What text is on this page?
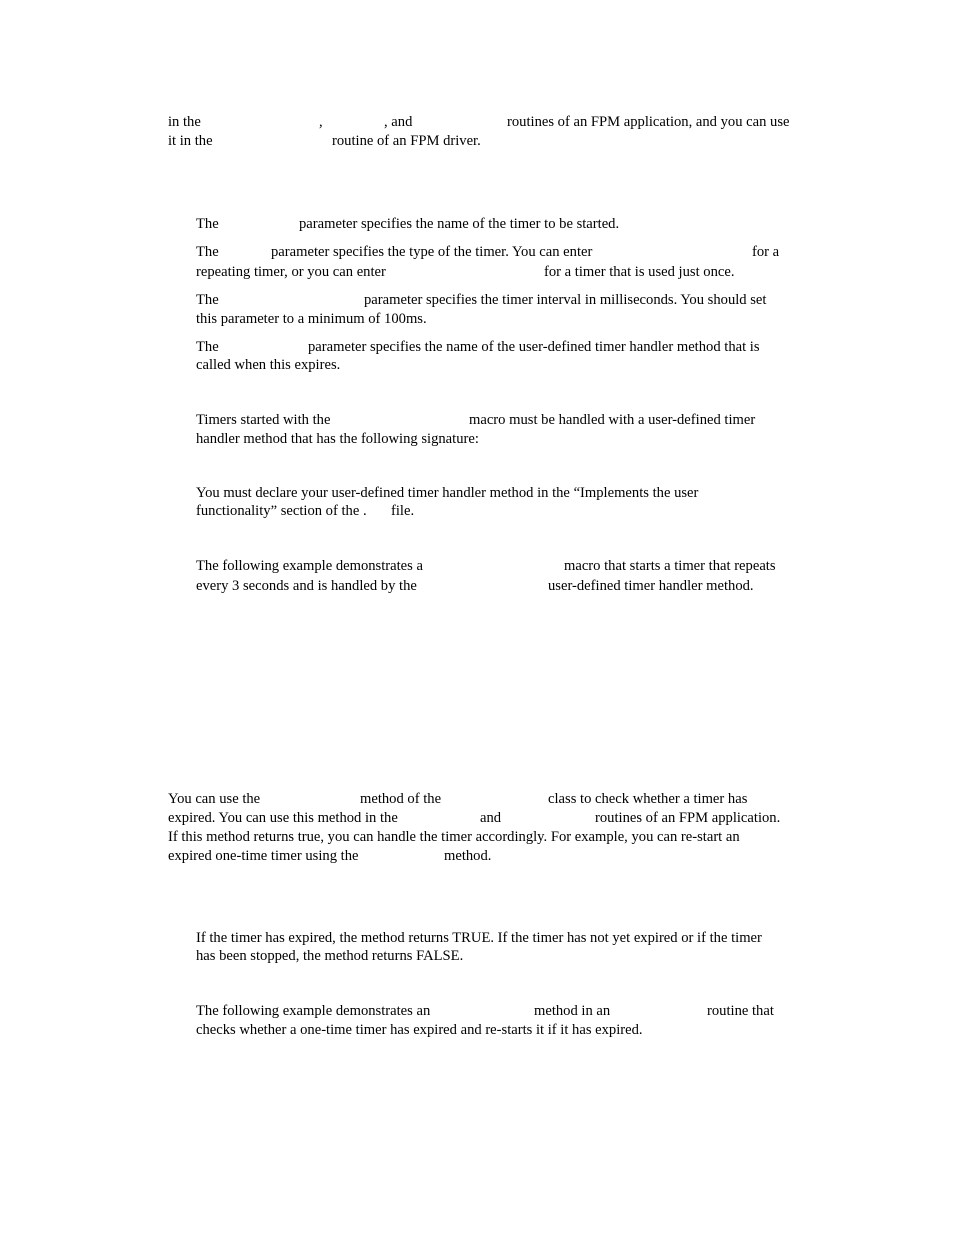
in the	,	, and	routines of an FPM application, and you can use
it in the	routine of an FPM driver.
The	parameter specifies the name of the timer to be started.
The	parameter specifies the type of the timer. You can enter	for a
repeating timer, or you can enter	for a timer that is used just once.
The	parameter specifies the timer interval in milliseconds. You should set
this parameter to a minimum of 100ms.
The	parameter specifies the name of the user-defined timer handler method that is
called when this expires.
Timers started with the	macro must be handled with a user-defined timer
handler method that has the following signature:
You must declare your user-defined timer handler method in the “Implements the user
functionality” section of the . file.
The following example demonstrates a	macro that starts a timer that repeats
every 3 seconds and is handled by the	user-defined timer handler method.
You can use the	method of the	class to check whether a timer has
expired. You can use this method in the	and	routines of an FPM application.
If this method returns true, you can handle the timer accordingly. For example, you can re-start an
expired one-time timer using the	method.
If the timer has expired, the method returns TRUE. If the timer has not yet expired or if the timer
has been stopped, the method returns FALSE.
The following example demonstrates an	method in an	routine that
checks whether a one-time timer has expired and re-starts it if it has expired.
